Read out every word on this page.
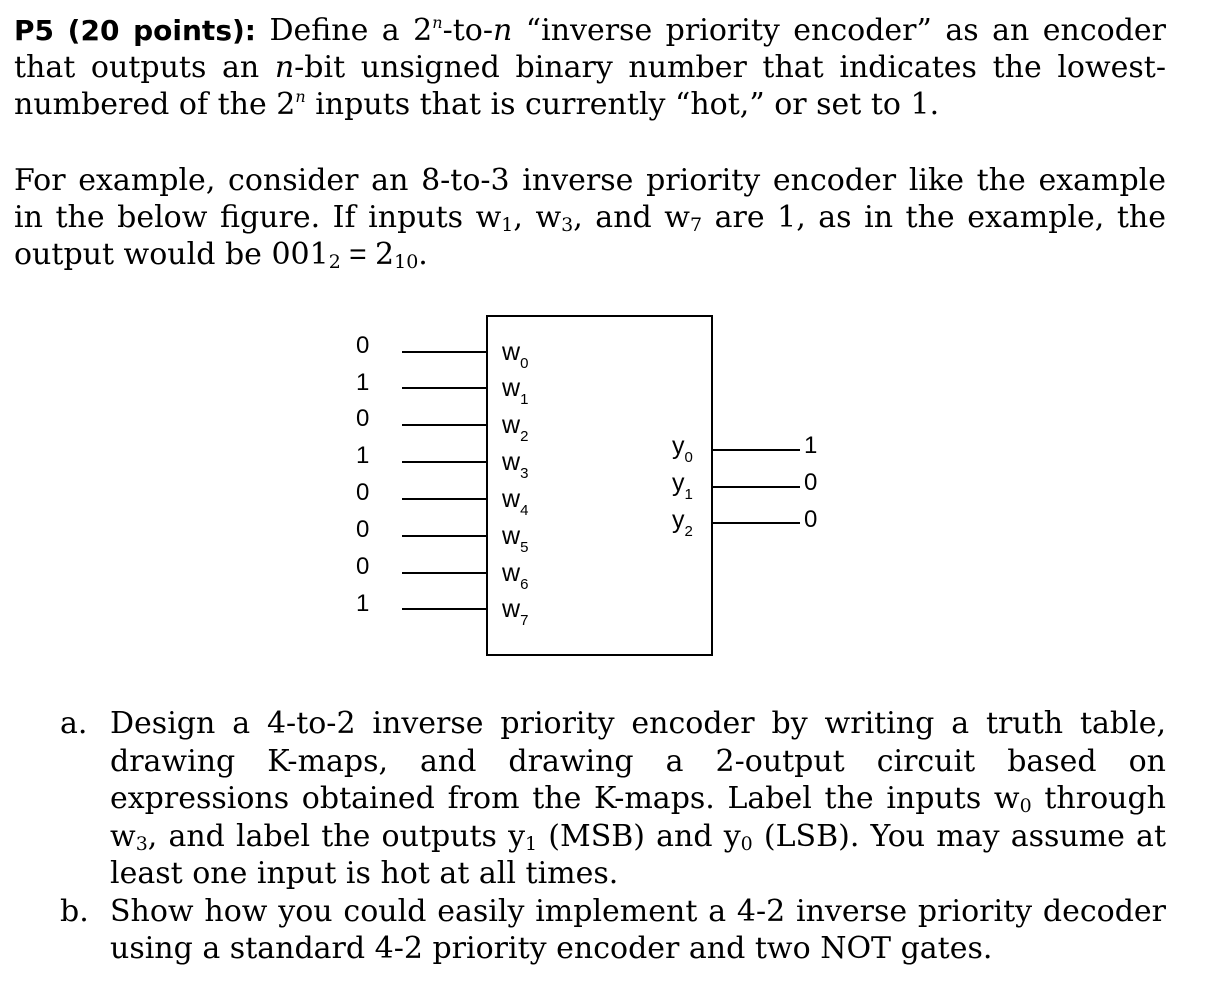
P5 (20 points): Define a 2$^n$-to-n “inverse priority encoder” as an encoder that outputs an n-bit unsigned binary number that indicates the lowest-numbered of the 2$^n$ inputs that is currently “hot,” or set to 1.
For example, consider an 8-to-3 inverse priority encoder like the example in the below figure. If inputs $w_1$, $w_3$, and $w_7$ are 1, as in the example, the output would be $001_2 = 2_{10}$.
0
1
0
1
0
0
0
1
$w_0$
$w_1$
$w_2$
$w_3$
$w_4$
$w_5$
$w_6$
$w_7$
$y_0$
$y_1$
$y_2$
1
0
0
a. Design a 4-to-2 inverse priority encoder by writing a truth table, drawing K-maps, and drawing a 2-output circuit based on expressions obtained from the K-maps. Label the inputs $w_0$ through $w_3$, and label the outputs $y_1$ (MSB) and $y_0$ (LSB). You may assume at least one input is hot at all times.
b. Show how you could easily implement a 4-2 inverse priority decoder using a standard 4-2 priority encoder and two NOT gates.
